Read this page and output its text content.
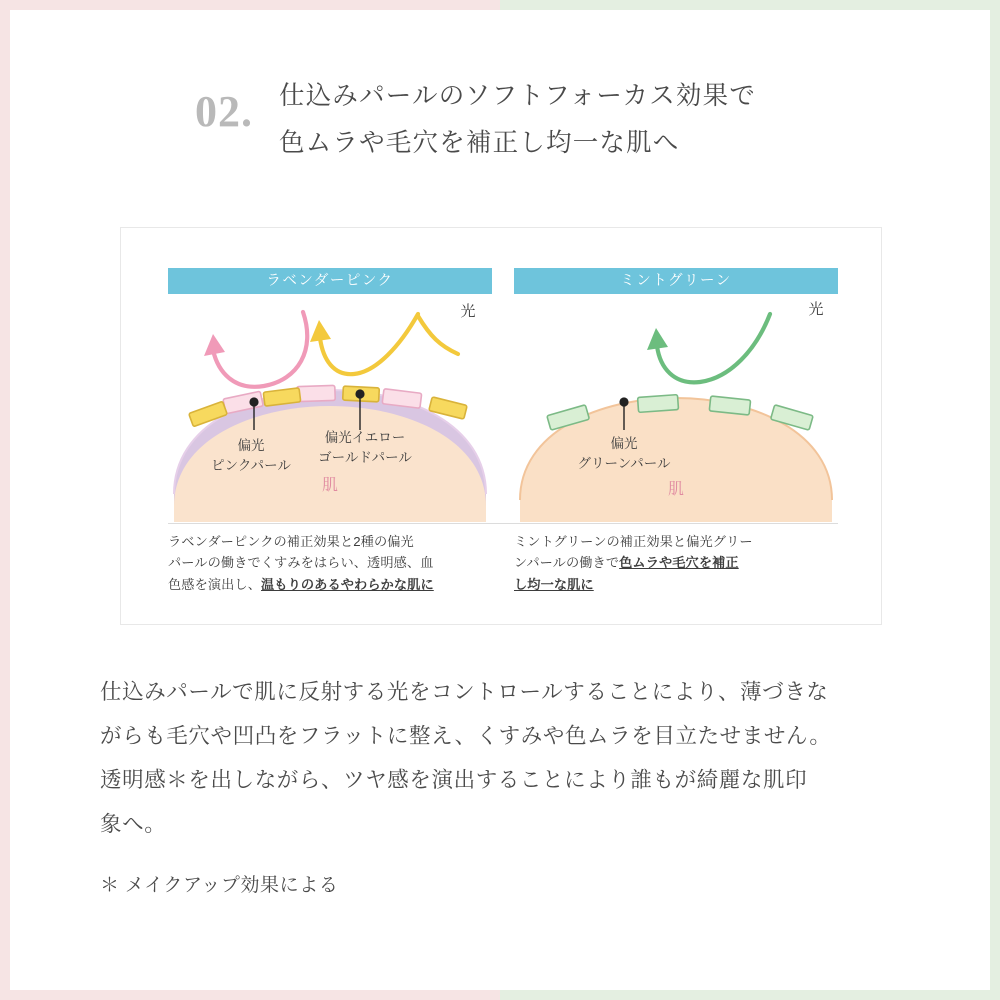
02. 仕込みパールのソフトフォーカス効果で
色ムラや毛穴を補正し均一な肌へ
ラベンダーピンク
光
肌
偏光
ピンクパール
偏光イエロー
ゴールドパール
ミントグリーン
光
肌
偏光
グリーンパール
ラベンダーピンクの補正効果と2種の偏光
パールの働きでくすみをはらい、透明感、血
色感を演出し、温もりのあるやわらかな肌に
ミントグリーンの補正効果と偏光グリー
ンパールの働きで色ムラや毛穴を補正
し均一な肌に
仕込みパールで肌に反射する光をコントロールすることにより、薄づきな
がらも毛穴や凹凸をフラットに整え、くすみや色ムラを目立たせません。
透明感＊を出しながら、ツヤ感を演出することにより誰もが綺麗な肌印
象へ。
＊ メイクアップ効果による
